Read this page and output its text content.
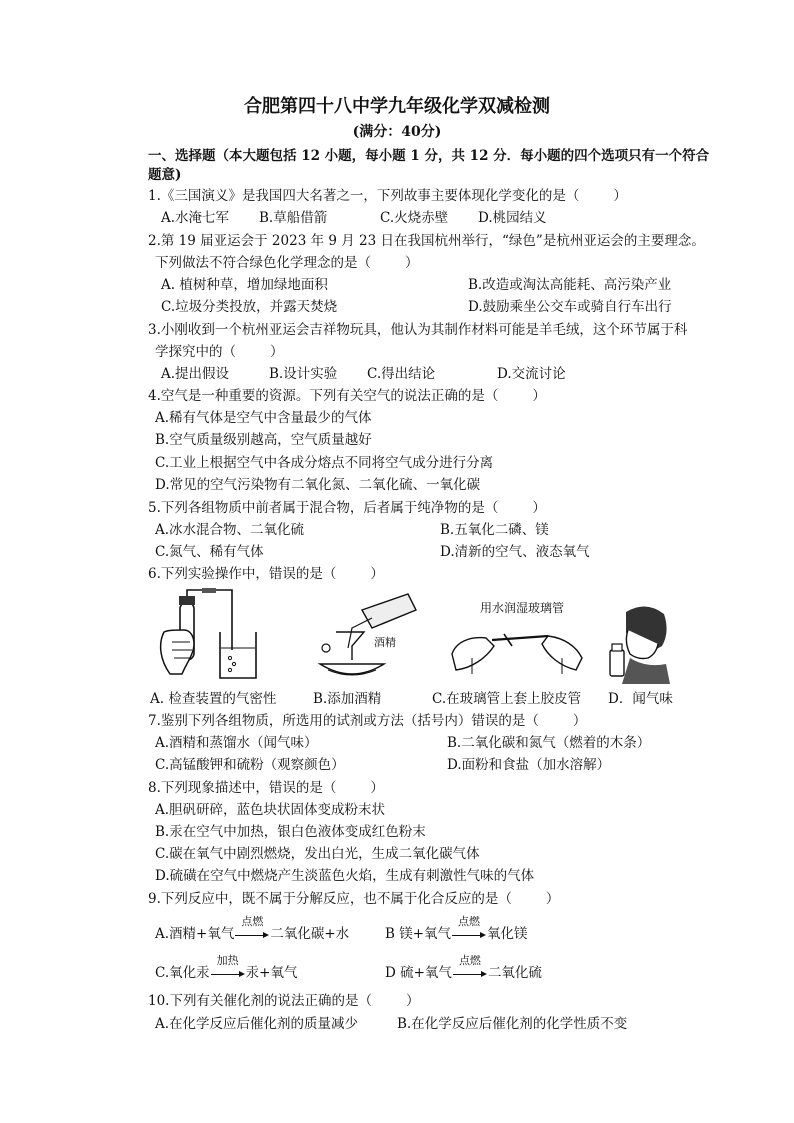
合肥第四十八中学九年级化学双减检测
(满分：40分)
一、选择题（本大题包括 12 小题，每小题 1 分，共 12 分．每小题的四个选项只有一个符合
题意)
1.《三国演义》是我国四大名著之一，下列故事主要体现化学变化的是（	）
A.水淹七军 B.草船借箭	C.火烧赤壁 D.桃园结义
2.第 19 届亚运会于 2023 年 9 月 23 日在我国杭州举行，“绿色”是杭州亚运会的主要理念。
下列做法不符合绿色化学理念的是（	）
A. 植树种草，增加绿地面积	B.改造或淘汰高能耗、高污染产业
C.垃圾分类投放，并露天焚烧	D.鼓励乘坐公交车或骑自行车出行
3.小刚收到一个杭州亚运会吉祥物玩具，他认为其制作材料可能是羊毛绒，这个环节属于科
学探究中的（	）
A.提出假设	B.设计实验 C.得出结论	D.交流讨论
4.空气是一种重要的资源。下列有关空气的说法正确的是（	）
A.稀有气体是空气中含量最少的气体
B.空气质量级别越高，空气质量越好
C.工业上根据空气中各成分熔点不同将空气成分进行分离
D.常见的空气污染物有二氧化氮、二氧化硫、一氧化碳
5.下列各组物质中前者属于混合物，后者属于纯净物的是（	）
A.冰水混合物、二氧化硫	B.五氧化二磷、镁
C.氮气、稀有气体	D.清新的空气、液态氧气
6.下列实验操作中，错误的是（	）
酒精
用水润湿玻璃管
A. 检查装置的气密性	B.添加酒精	C.在玻璃管上套上胶皮管 D．闻气味
7.鉴别下列各组物质，所选用的试剂或方法（括号内）错误的是（	）
A.酒精和蒸馏水（闻气味）	B.二氧化碳和氮气（燃着的木条）
C.高锰酸钾和硫粉（观察颜色）	D.面粉和食盐（加水溶解）
8.下列现象描述中，错误的是（	）
A.胆矾研碎，蓝色块状固体变成粉末状
B.汞在空气中加热，银白色液体变成红色粉末
C.碳在氧气中剧烈燃烧，发出白光，生成二氧化碳气体
D.硫磺在空气中燃烧产生淡蓝色火焰，生成有刺激性气味的气体
9.下列反应中，既不属于分解反应，也不属于化合反应的是（	）
A.酒精+氧气
点燃
二氧化碳+水	B 镁+氧气
点燃
氧化镁
C.氧化汞
加热
汞+氧气	D 硫+氧气
点燃
二氧化硫
10.下列有关催化剂的说法正确的是（	）
A.在化学反应后催化剂的质量减少	B.在化学反应后催化剂的化学性质不变
